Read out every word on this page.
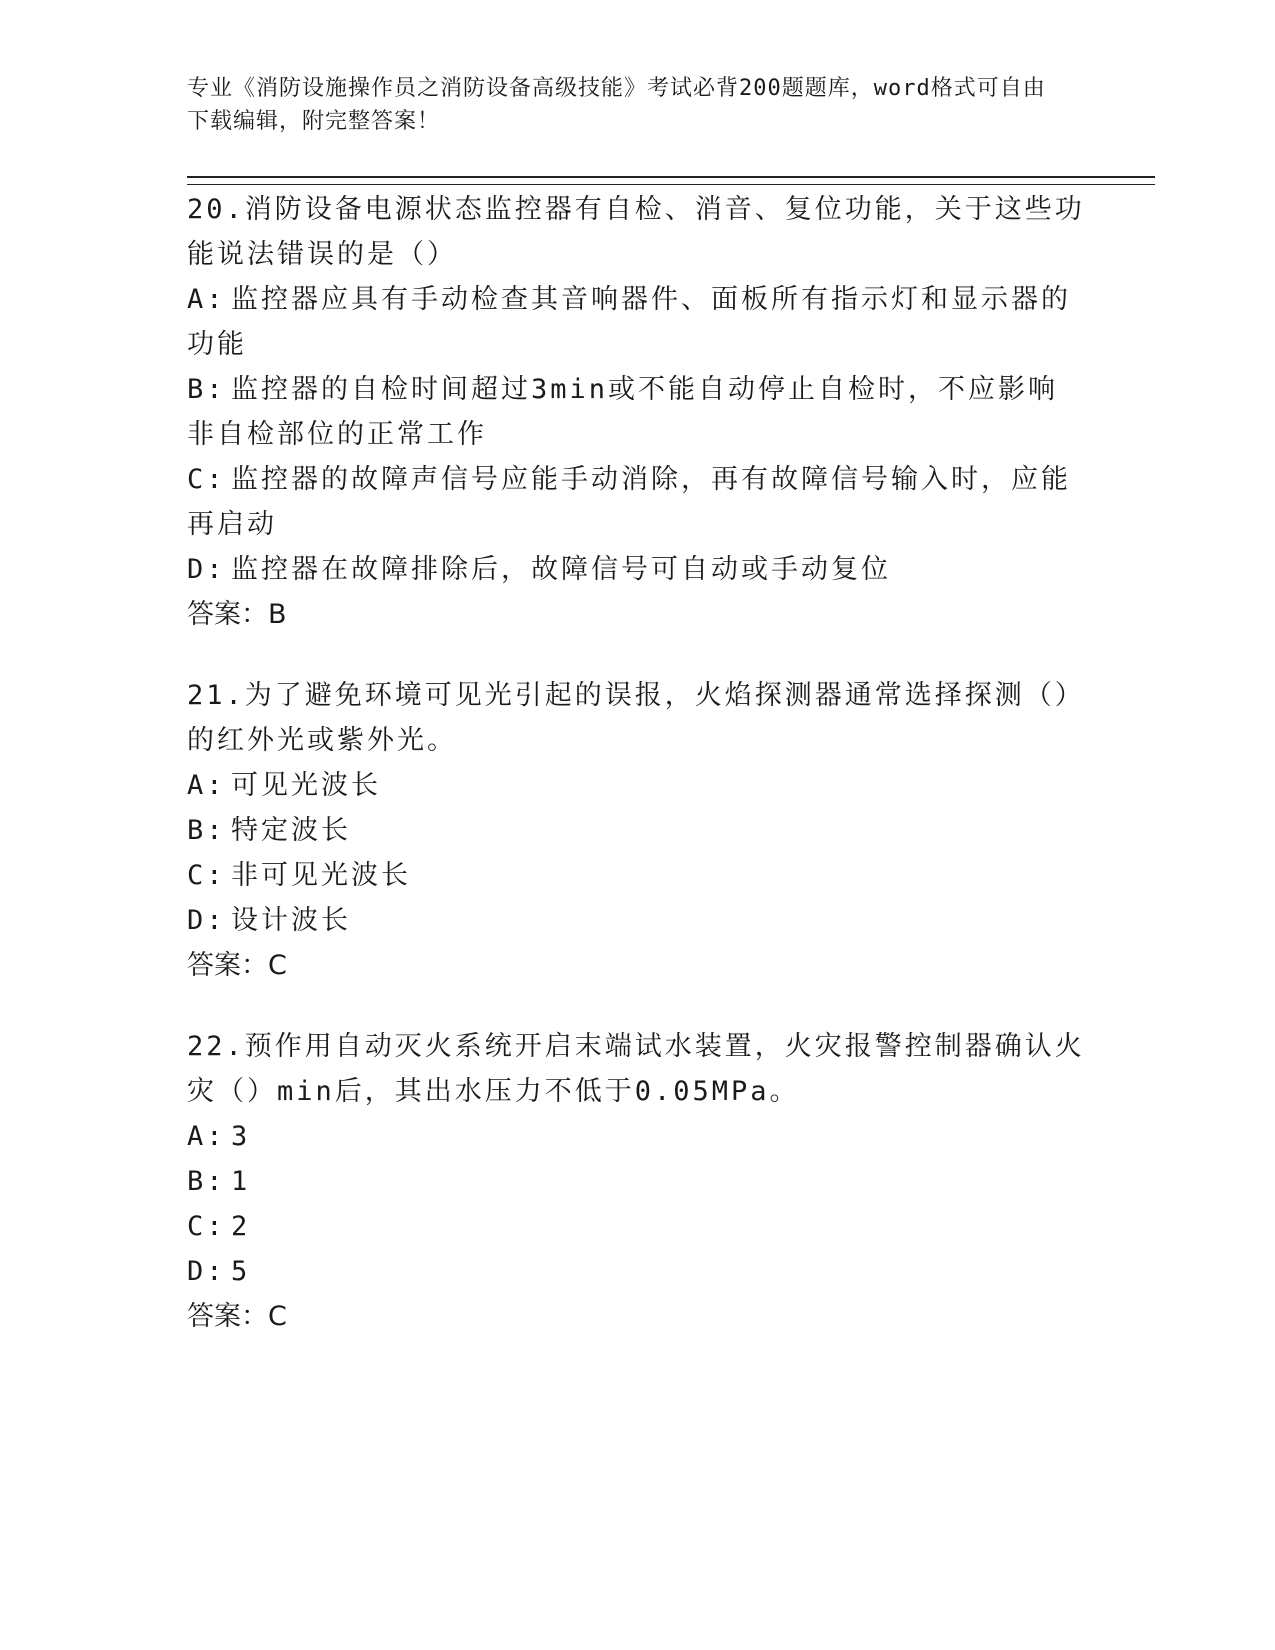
专业《消防设施操作员之消防设备高级技能》考试必背200题题库，word格式可自由下载编辑，附完整答案！

20.消防设备电源状态监控器有自检、消音、复位功能，关于这些功能说法错误的是（）

A: 监控器应具有手动检查其音响器件、面板所有指示灯和显示器的功能

B: 监控器的自检时间超过3min或不能自动停止自检时，不应影响非自检部位的正常工作

C: 监控器的故障声信号应能手动消除，再有故障信号输入时，应能再启动

D: 监控器在故障排除后，故障信号可自动或手动复位

答案：B

21.为了避免环境可见光引起的误报，火焰探测器通常选择探测（）的红外光或紫外光。

A: 可见光波长

B: 特定波长

C: 非可见光波长

D: 设计波长

答案：C

22.预作用自动灭火系统开启末端试水装置，火灾报警控制器确认火灾（）min后，其出水压力不低于0.05MPa。

A: 3

B: 1

C: 2

D: 5

答案：C
